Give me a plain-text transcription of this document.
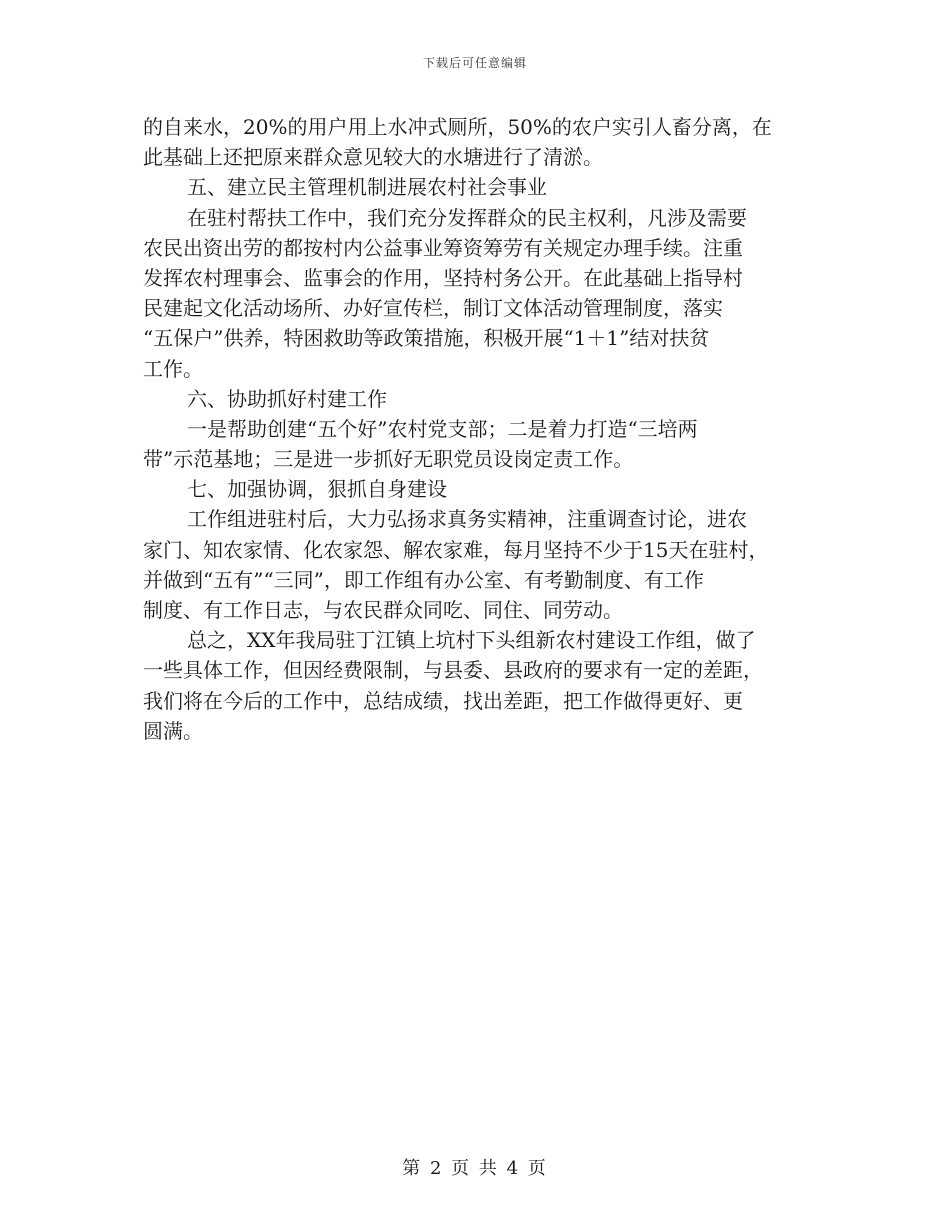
下载后可任意编辑
的自来水，20%的用户用上水冲式厕所，50%的农户实引人畜分离，在
此基础上还把原来群众意见较大的水塘进行了清淤。
五、建立民主管理机制进展农村社会事业
在驻村帮扶工作中，我们充分发挥群众的民主权利，凡涉及需要
农民出资出劳的都按村内公益事业筹资筹劳有关规定办理手续。注重
发挥农村理事会、监事会的作用，坚持村务公开。在此基础上指导村
民建起文化活动场所、办好宣传栏，制订文体活动管理制度，落实
“五保户”供养，特困救助等政策措施，积极开展“1＋1”结对扶贫
工作。
六、协助抓好村建工作
一是帮助创建“五个好”农村党支部；二是着力打造“三培两
带”示范基地；三是进一步抓好无职党员设岗定责工作。
七、加强协调，狠抓自身建设
工作组进驻村后，大力弘扬求真务实精神，注重调查讨论，进农
家门、知农家情、化农家怨、解农家难，每月坚持不少于15天在驻村，
并做到“五有”“三同”，即工作组有办公室、有考勤制度、有工作
制度、有工作日志，与农民群众同吃、同住、同劳动。
总之，XX年我局驻丁江镇上坑村下头组新农村建设工作组，做了
一些具体工作，但因经费限制，与县委、县政府的要求有一定的差距，
我们将在今后的工作中，总结成绩，找出差距，把工作做得更好、更
圆满。
第 2 页 共 4 页
